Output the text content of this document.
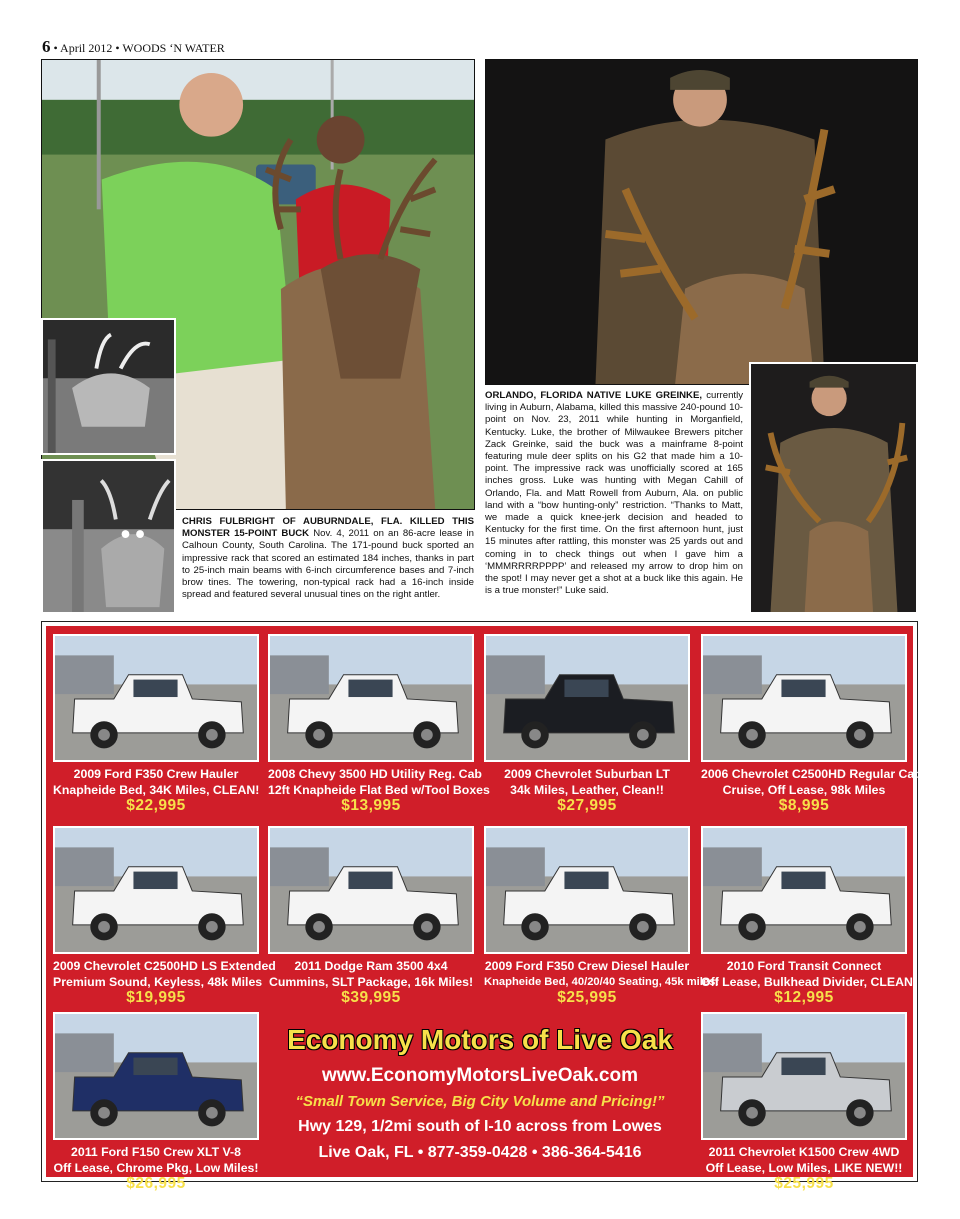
6 • April 2012 • WOODS ‘N WATER
CHRIS FULBRIGHT OF AUBURNDALE, FLA. KILLED THIS MONSTER 15-POINT BUCK Nov. 4, 2011 on an 86-acre lease in Calhoun County, South Carolina. The 171-pound buck sported an impressive rack that scored an estimated 184 inches, thanks in part to 25-inch main beams with 6-inch circumference bases and 7-inch brow tines. The towering, non-typical rack had a 16-inch inside spread and featured several unusual tines on the right antler.
ORLANDO, FLORIDA NATIVE LUKE GREINKE, currently living in Auburn, Alabama, killed this massive 240-pound 10-point on Nov. 23, 2011 while hunting in Morganfield, Kentucky. Luke, the brother of Milwaukee Brewers pitcher Zack Greinke, said the buck was a mainframe 8-point featuring mule deer splits on his G2 that made him a 10-point. The impressive rack was unofficially scored at 165 inches gross. Luke was hunting with Megan Cahill of Orlando, Fla. and Matt Rowell from Auburn, Ala. on public land with a “bow hunting-only” restriction. “Thanks to Matt, we made a quick knee-jerk decision and headed to Kentucky for the first time. On the first afternoon hunt, just 15 minutes after rattling, this monster was 25 yards out and coming in to check things out when I gave him a ‘MMMRRRRPPPP’ and released my arrow to drop him on the spot! I may never get a shot at a buck like this again. He is a true monster!” Luke said.
2009 Ford F350 Crew Hauler
Knapheide Bed, 34K Miles, CLEAN!
$22,995
2008 Chevy 3500 HD Utility Reg. Cab
12ft Knapheide Flat Bed w/Tool Boxes
$13,995
2009 Chevrolet Suburban LT
34k Miles, Leather, Clean!!
$27,995
2006 Chevrolet C2500HD Regular Cab
Cruise, Off Lease, 98k Miles
$8,995
2009 Chevrolet C2500HD LS Extended
Premium Sound, Keyless, 48k Miles
$19,995
2011 Dodge Ram 3500 4x4
Cummins, SLT Package, 16k Miles!
$39,995
2009 Ford F350 Crew Diesel Hauler
Knapheide Bed, 40/20/40 Seating, 45k miles!
$25,995
2010 Ford Transit Connect
Off Lease, Bulkhead Divider, CLEAN!
$12,995
2011 Ford F150 Crew XLT V-8
Off Lease, Chrome Pkg, Low Miles!
$26,995
2011 Chevrolet K1500 Crew 4WD
Off Lease, Low Miles, LIKE NEW!!
$25,995
Economy Motors of Live Oak
www.EconomyMotorsLiveOak.com
“Small Town Service, Big City Volume and Pricing!”
Hwy 129, 1/2mi south of I-10 across from Lowes
Live Oak, FL • 877-359-0428 • 386-364-5416
